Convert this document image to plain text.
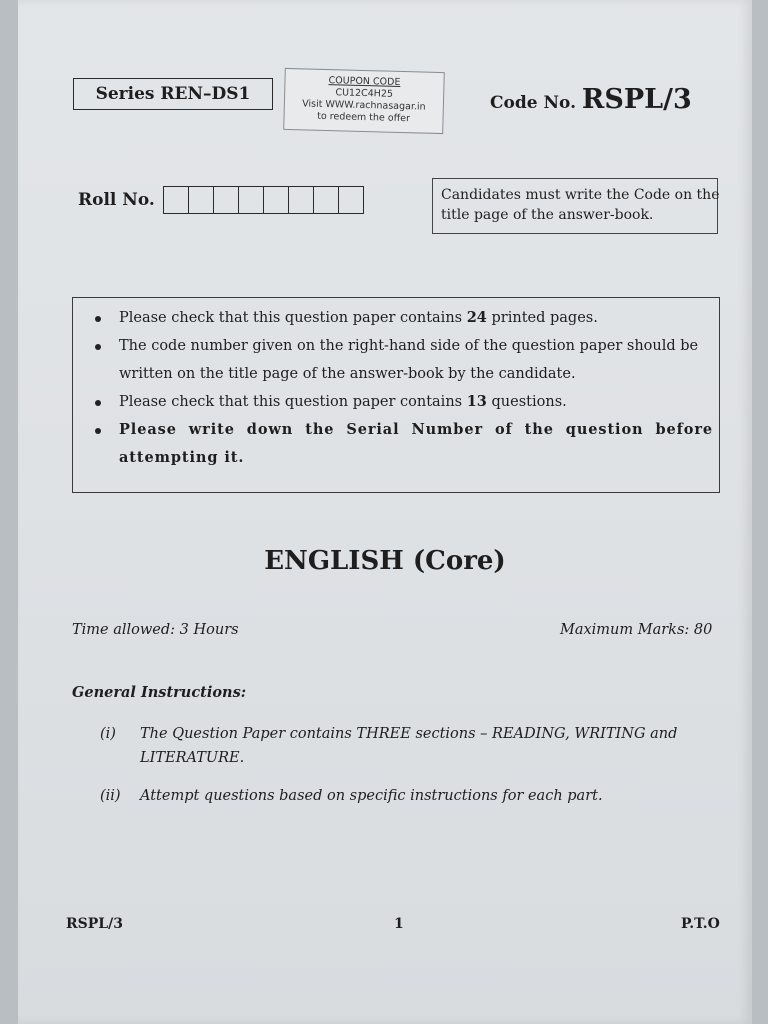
Series REN–DS1
COUPON CODE
CU12C4H25
Visit WWW.rachnasagar.in
to redeem the offer
Code No. RSPL/3
Roll No.	Candidates must write the Code on the
title page of the answer-book.
Please check that this question paper contains 24 printed pages.
The code number given on the right-hand side of the question paper should be written on the title page of the answer-book by the candidate.
Please check that this question paper contains 13 questions.
Please write down the Serial Number of the question before attempting it.
ENGLISH (Core)
Time allowed: 3 Hours	Maximum Marks: 80
General Instructions:
(i) The Question Paper contains THREE sections – READING, WRITING and LITERATURE.
(ii) Attempt questions based on specific instructions for each part.
RSPL/3	1	P.T.O
